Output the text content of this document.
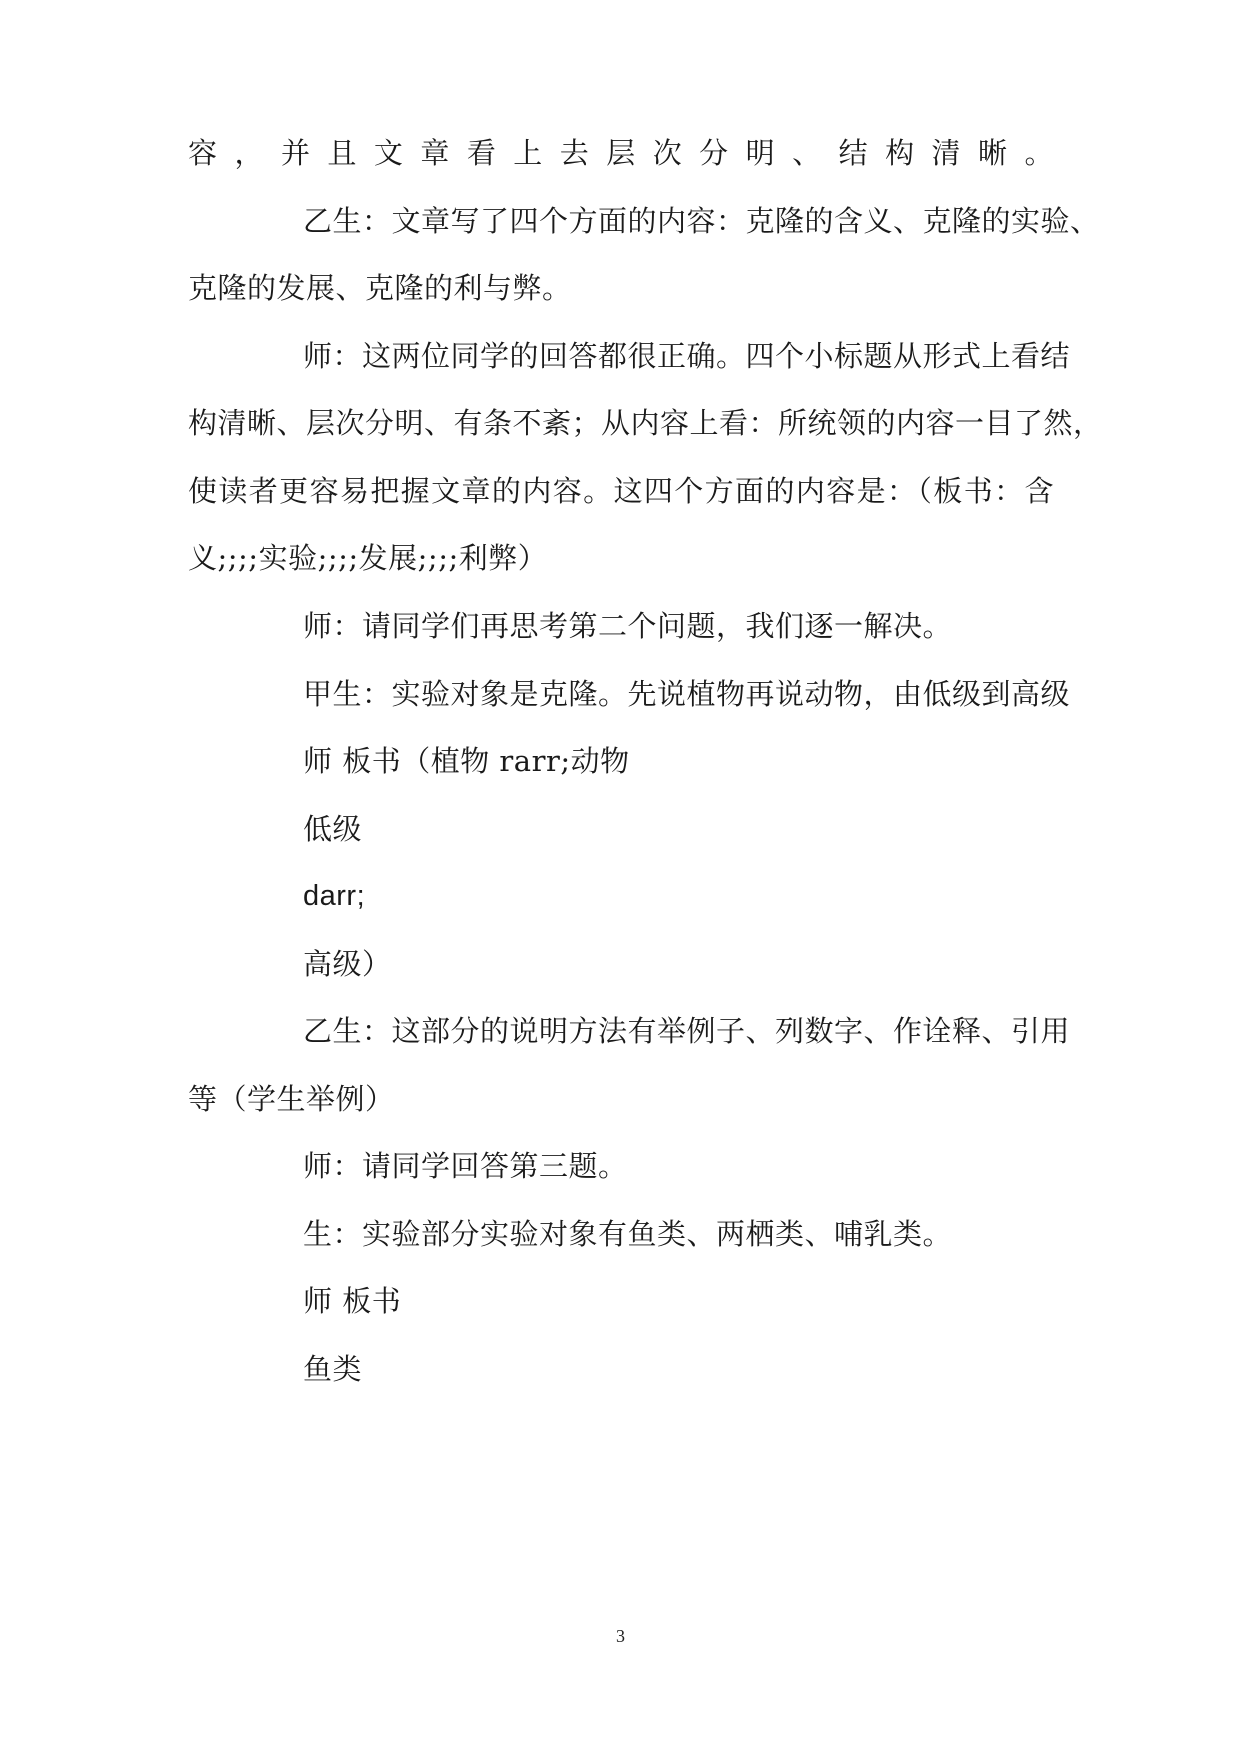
容，并且文章看上去层次分明、结构清晰。
乙生：文章写了四个方面的内容：克隆的含义、克隆的实验、
克隆的发展、克隆的利与弊。
师：这两位同学的回答都很正确。四个小标题从形式上看结
构清晰、层次分明、有条不紊；从内容上看：所统领的内容一目了然，
使读者更容易把握文章的内容。这四个方面的内容是：（板书：含
义;;;;实验;;;;发展;;;;利弊）
师：请同学们再思考第二个问题，我们逐一解决。
甲生：实验对象是克隆。先说植物再说动物，由低级到高级
师 板书（植物 rarr;动物
低级
darr;
高级）
乙生：这部分的说明方法有举例子、列数字、作诠释、引用
等（学生举例）
师：请同学回答第三题。
生：实验部分实验对象有鱼类、两栖类、哺乳类。
师 板书
鱼类
3
